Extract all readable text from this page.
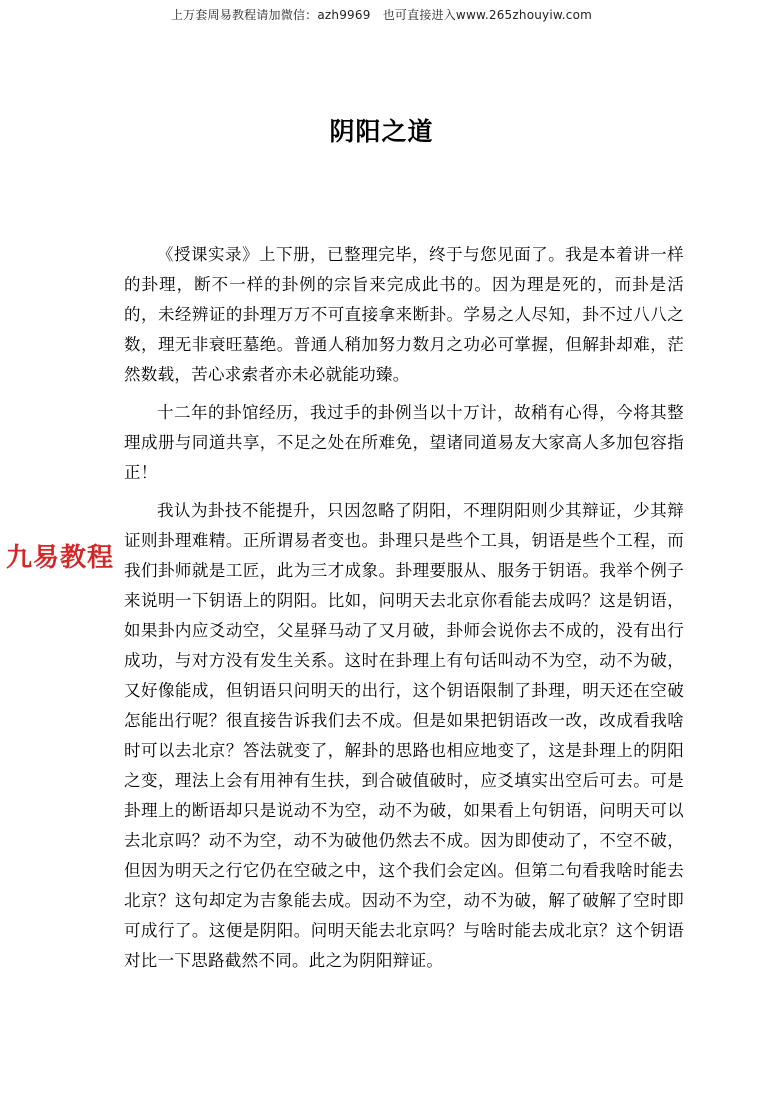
上万套周易教程请加微信：azh9969　也可直接进入www.265zhouyiw.com
阴阳之道

《授课实录》上下册，已整理完毕，终于与您见面了。我是本着讲一样的卦理，断不一样的卦例的宗旨来完成此书的。因为理是死的，而卦是活的，未经辨证的卦理万万不可直接拿来断卦。学易之人尽知，卦不过八八之数，理无非衰旺墓绝。普通人稍加努力数月之功必可掌握，但解卦却难，茫然数载，苦心求索者亦未必就能功臻。

十二年的卦馆经历，我过手的卦例当以十万计，故稍有心得，今将其整理成册与同道共享，不足之处在所难免，望诸同道易友大家高人多加包容指正！

我认为卦技不能提升，只因忽略了阴阳，不理阴阳则少其辩证，少其辩证则卦理难精。正所谓易者变也。卦理只是些个工具，钥语是些个工程，而我们卦师就是工匠，此为三才成象。卦理要服从、服务于钥语。我举个例子来说明一下钥语上的阴阳。比如，问明天去北京你看能去成吗？这是钥语，如果卦内应爻动空，父星驿马动了又月破，卦师会说你去不成的，没有出行成功，与对方没有发生关系。这时在卦理上有句话叫动不为空，动不为破，又好像能成，但钥语只问明天的出行，这个钥语限制了卦理，明天还在空破怎能出行呢？很直接告诉我们去不成。但是如果把钥语改一改，改成看我啥时可以去北京？答法就变了，解卦的思路也相应地变了，这是卦理上的阴阳之变，理法上会有用神有生扶，到合破值破时，应爻填实出空后可去。可是卦理上的断语却只是说动不为空，动不为破，如果看上句钥语，问明天可以去北京吗？动不为空，动不为破他仍然去不成。因为即使动了，不空不破，但因为明天之行它仍在空破之中，这个我们会定凶。但第二句看我啥时能去北京？这句却定为吉象能去成。因动不为空，动不为破，解了破解了空时即可成行了。这便是阴阳。问明天能去北京吗？与啥时能去成北京？这个钥语对比一下思路截然不同。此之为阴阳辩证。

九易教程
